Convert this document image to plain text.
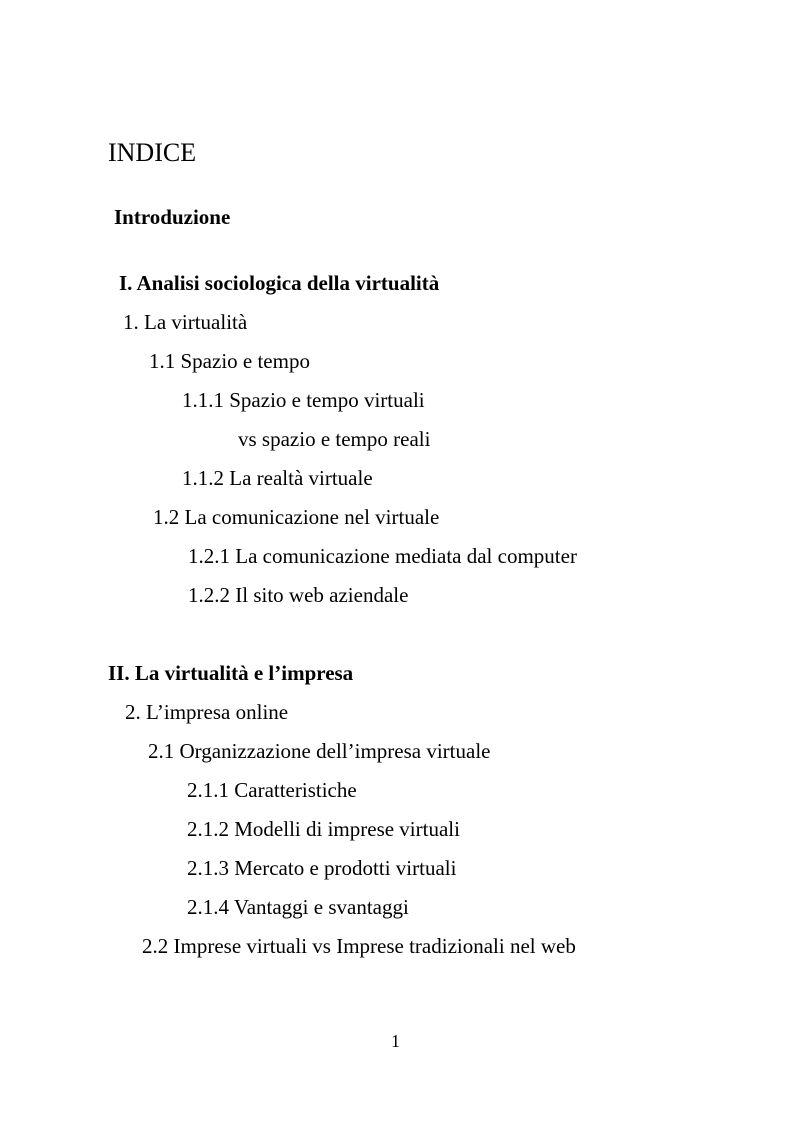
INDICE
Introduzione
I. Analisi sociologica della virtualità
1. La virtualità
1.1 Spazio e tempo
1.1.1 Spazio e tempo virtuali
vs spazio e tempo reali
1.1.2 La realtà virtuale
1.2 La comunicazione nel virtuale
1.2.1 La comunicazione mediata dal computer
1.2.2 Il sito web aziendale
II. La virtualità e l’impresa
2. L’impresa online
2.1 Organizzazione dell’impresa virtuale
2.1.1 Caratteristiche
2.1.2 Modelli di imprese virtuali
2.1.3 Mercato e prodotti virtuali
2.1.4 Vantaggi e svantaggi
2.2 Imprese virtuali vs Imprese tradizionali nel web
1
